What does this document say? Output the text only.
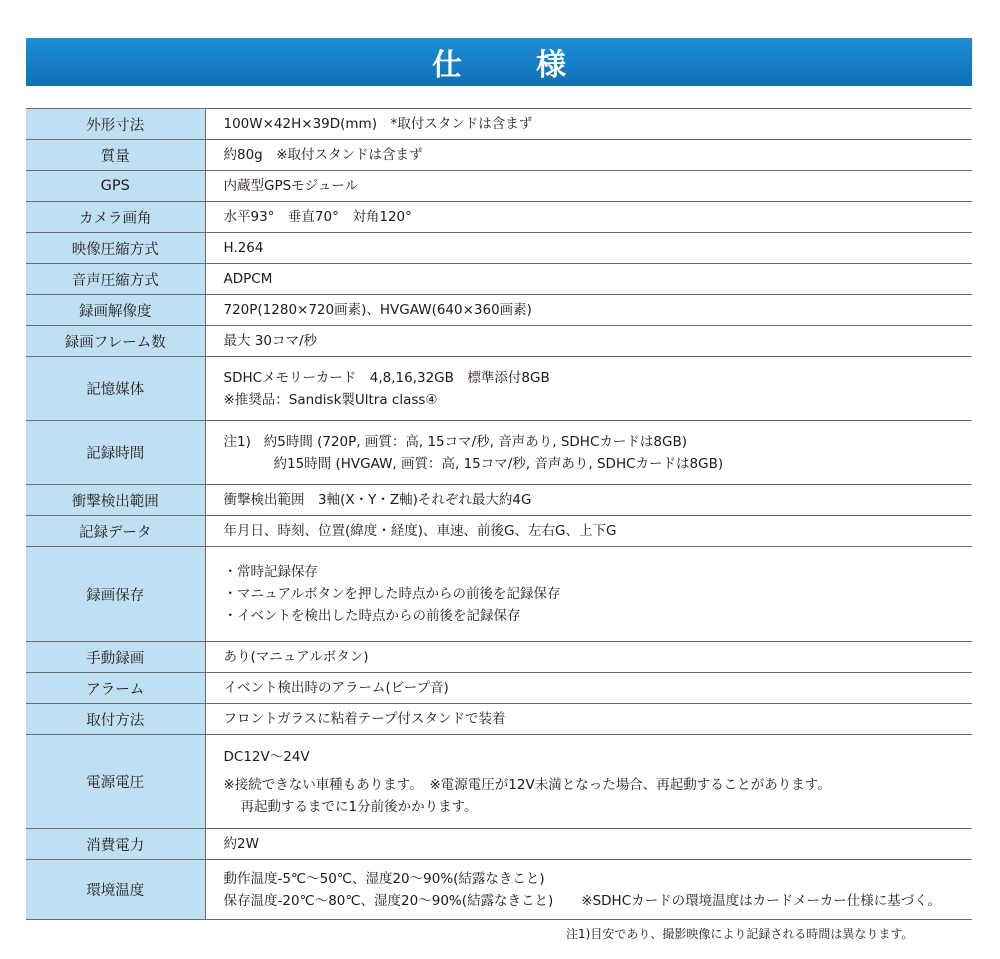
仕　様
外形寸法	100W×42H×39D(mm)　*取付スタンドは含まず

質量	約80g　※取付スタンドは含まず

GPS	内蔵型GPSモジュール

カメラ画角	水平93°　垂直70°　対角120°

映像圧縮方式	H.264

音声圧縮方式	ADPCM

録画解像度	720P(1280×720画素)、HVGAW(640×360画素)

録画フレーム数	最大 30コマ/秒

記憶媒体	SDHCメモリーカード　4,8,16,32GB　標準添付8GB
※推奨品：Sandisk製Ultra class④

記録時間	注1) 約5時間 (720P, 画質：高, 15コマ/秒, 音声あり, SDHCカードは8GB)
約15時間 (HVGAW, 画質：高, 15コマ/秒, 音声あり, SDHCカードは8GB)

衝撃検出範囲	衝撃検出範囲　3軸(X・Y・Z軸)それぞれ最大約4G

記録データ	年月日、時刻、位置(緯度・経度)、車速、前後G、左右G、上下G

録画保存	・常時記録保存
・マニュアルボタンを押した時点からの前後を記録保存
・イベントを検出した時点からの前後を記録保存

手動録画	あり(マニュアルボタン)

アラーム	イベント検出時のアラーム(ビープ音)

取付方法	フロントガラスに粘着テープ付スタンドで装着

電源電圧	DC12V〜24V
※接続できない車種もあります。　※電源電圧が12V未満となった場合、再起動することがあります。
再起動するまでに1分前後かかります。

消費電力	約2W

環境温度	動作温度-5℃〜50℃、湿度20〜90%(結露なきこと)
保存温度-20℃〜80℃、湿度20〜90%(結露なきこと) ※SDHCカードの環境温度はカードメーカー仕様に基づく。
注1)目安であり、撮影映像により記録される時間は異なります。
